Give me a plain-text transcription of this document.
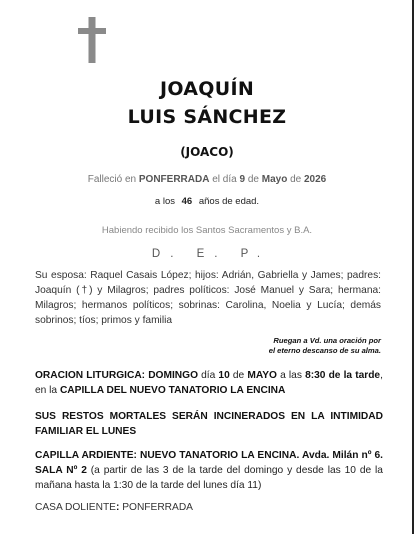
JOAQUÍN
LUIS SÁNCHEZ
(JOACO)
Falleció en PONFERRADA el día 9 de Mayo de 2026
a los 46 años de edad.
Habiendo recibido los Santos Sacramentos y B.A.
D. E. P.
Su esposa: Raquel Casais López; hijos: Adrián, Gabriella y James; padres: Joaquín (†) y Milagros; padres políticos: José Manuel y Sara; hermana: Milagros; hermanos políticos; sobrinas: Carolina, Noelia y Lucía; demás sobrinos; tíos; primos y familia
Ruegan a Vd. una oración por
el eterno descanso de su alma.
ORACION LITURGICA: DOMINGO día 10 de MAYO a las 8:30 de la tarde, en la CAPILLA DEL NUEVO TANATORIO LA ENCINA
SUS RESTOS MORTALES SERÁN INCINERADOS EN LA INTIMIDAD FAMILIAR EL LUNES
CAPILLA ARDIENTE: NUEVO TANATORIO LA ENCINA. Avda. Milán nº 6. SALA Nº 2 (a partir de las 3 de la tarde del domingo y desde las 10 de la mañana hasta la 1:30 de la tarde del lunes día 11)
CASA DOLIENTE: PONFERRADA
